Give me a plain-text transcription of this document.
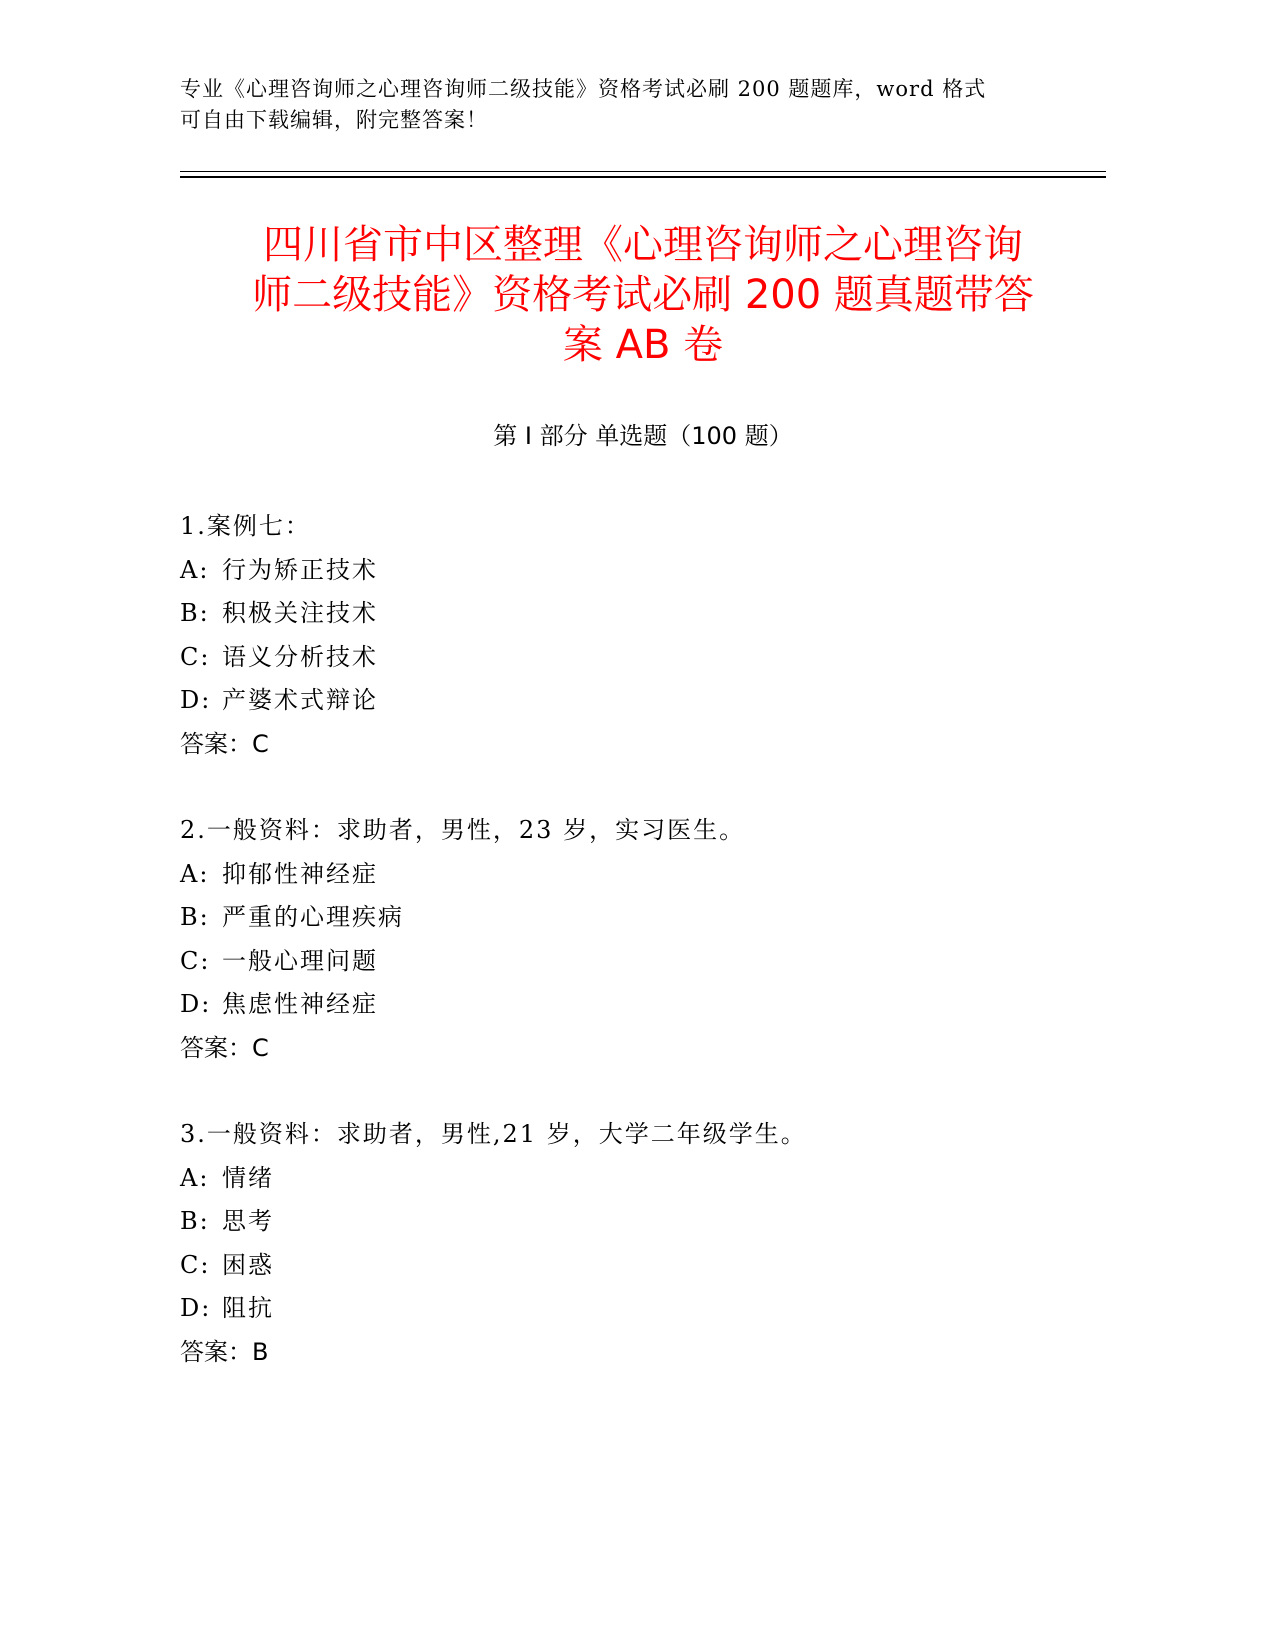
专业《心理咨询师之心理咨询师二级技能》资格考试必刷 200 题题库，word 格式
可自由下载编辑，附完整答案！
四川省市中区整理《心理咨询师之心理咨询
师二级技能》资格考试必刷 200 题真题带答
案 AB 卷
第 I 部分 单选题（100 题）
1.案例七：
A: 行为矫正技术
B: 积极关注技术
C: 语义分析技术
D: 产婆术式辩论
答案：C
2.一般资料：求助者，男性，23 岁，实习医生。
A: 抑郁性神经症
B: 严重的心理疾病
C: 一般心理问题
D: 焦虑性神经症
答案：C
3.一般资料：求助者，男性,21 岁，大学二年级学生。
A: 情绪
B: 思考
C: 困惑
D: 阻抗
答案：B
